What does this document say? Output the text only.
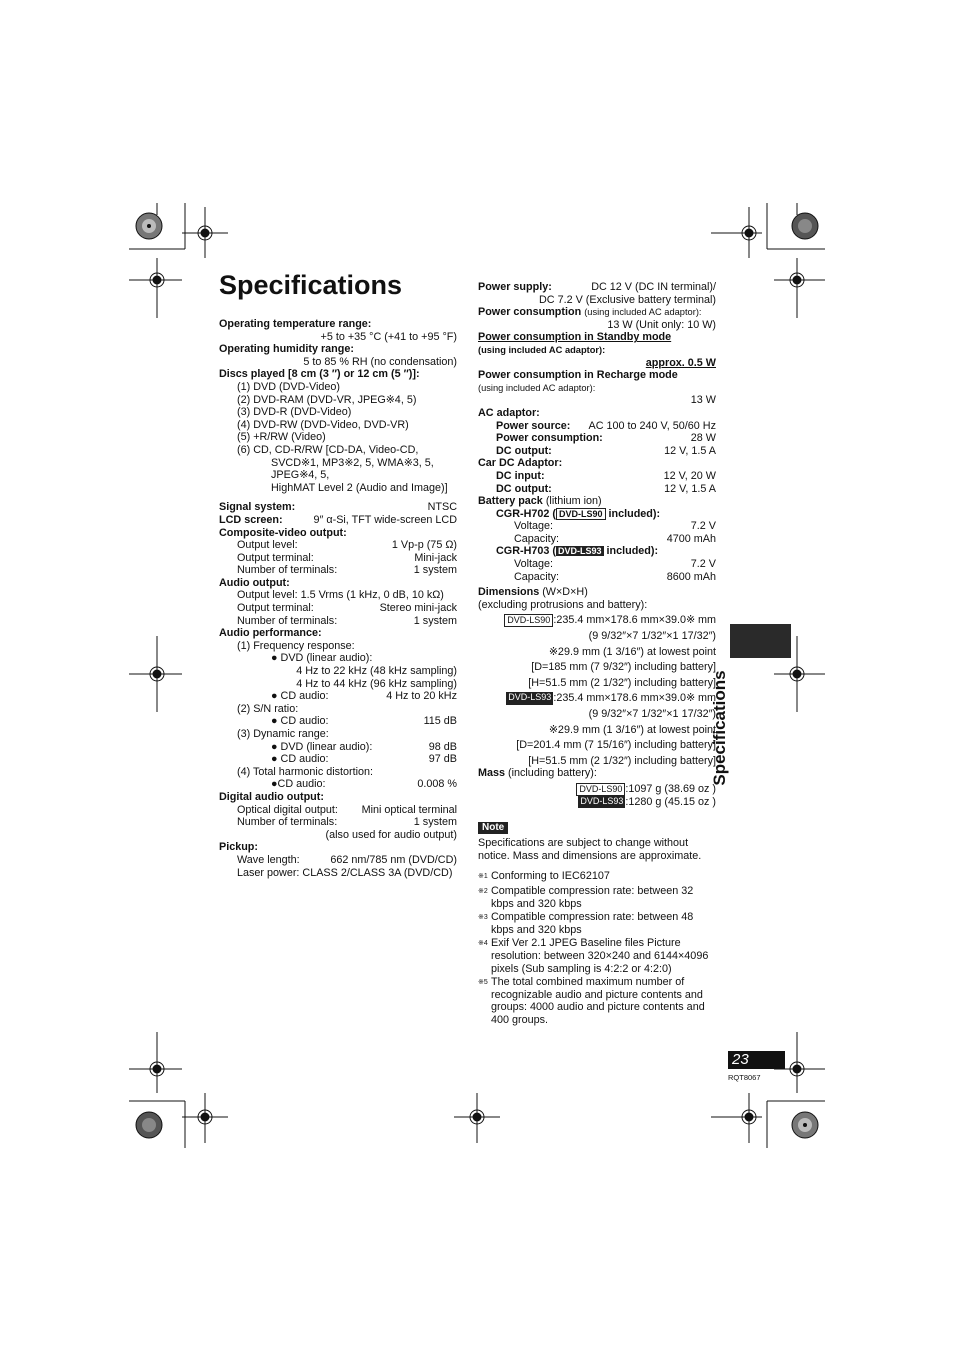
Specifications
Operating temperature range:
+5 to +35 °C (+41 to +95 °F)
Operating humidity range:
5 to 85 % RH (no condensation)
Discs played [8 cm (3 ″) or 12 cm (5 ″)]:
(1) DVD (DVD-Video)
(2) DVD-RAM (DVD-VR, JPEG※4, 5)
(3) DVD-R (DVD-Video)
(4) DVD-RW (DVD-Video, DVD-VR)
(5) +R/RW (Video)
(6) CD, CD-R/RW [CD-DA, Video-CD,
SVCD※1, MP3※2, 5, WMA※3, 5, JPEG※4, 5,
HighMAT Level 2 (Audio and Image)]
Signal system:	NTSC
LCD screen:	9″ α-Si, TFT wide-screen LCD
Composite-video output:
Output level:	1 Vp-p (75 Ω)
Output terminal:	Mini-jack
Number of terminals:	1 system
Audio output:
Output level: 1.5 Vrms (1 kHz, 0 dB, 10 kΩ)
Output terminal:	Stereo mini-jack
Number of terminals:	1 system
Audio performance:
(1) Frequency response:
● DVD (linear audio):
4 Hz to 22 kHz (48 kHz sampling)
4 Hz to 44 kHz (96 kHz sampling)
● CD audio:	4 Hz to 20 kHz
(2) S/N ratio:
● CD audio:	115 dB
(3) Dynamic range:
● DVD (linear audio):	98 dB
● CD audio:	97 dB
(4) Total harmonic distortion:
●CD audio:	0.008 %
Digital audio output:
Optical digital output: Mini optical terminal
Number of terminals:	1 system
(also used for audio output)
Pickup:
Wave length:	662 nm/785 nm (DVD/CD)
Laser power: CLASS 2/CLASS 3A (DVD/CD)
Power supply:	DC 12 V (DC IN terminal)/
DC 7.2 V (Exclusive battery terminal)
Power consumption (using included AC adaptor):
13 W (Unit only: 10 W)
Power consumption in Standby mode
(using included AC adaptor):
approx. 0.5 W
Power consumption in Recharge mode
(using included AC adaptor):
13 W
AC adaptor:
Power source: AC 100 to 240 V, 50/60 Hz
Power consumption:	28 W
DC output:	12 V, 1.5 A
Car DC Adaptor:
DC input:	12 V, 20 W
DC output:	12 V, 1.5 A
Battery pack (lithium ion)
CGR-H702 ( DVD-LS90 included):
Voltage:	7.2 V
Capacity:	4700 mAh
CGR-H703 ( DVD-LS93 included):
Voltage:	7.2 V
Capacity:	8600 mAh
Dimensions (W×D×H)
(excluding protrusions and battery):
DVD-LS90 :235.4 mm×178.6 mm×39.0※ mm
(9 9/32″×7 1/32″×1 17/32″)
※29.9 mm (1 3/16″) at lowest point
[D=185 mm (7 9/32″) including battery]
[H=51.5 mm (2 1/32″) including battery]
DVD-LS93 :235.4 mm×178.6 mm×39.0※ mm
(9 9/32″×7 1/32″×1 17/32″)
※29.9 mm (1 3/16″) at lowest point
[D=201.4 mm (7 15/16″) including battery]
[H=51.5 mm (2 1/32″) including battery]
Mass (including battery):
DVD-LS90 :1097 g (38.69 oz )
DVD-LS93 :1280 g (45.15 oz )
Note
Specifications are subject to change without notice. Mass and dimensions are approximate.
※1 Conforming to IEC62107
※2 Compatible compression rate: between 32 kbps and 320 kbps
※3 Compatible compression rate: between 48 kbps and 320 kbps
※4 Exif Ver 2.1 JPEG Baseline files Picture resolution: between 320×240 and 6144×4096 pixels (Sub sampling is 4:2:2 or 4:2:0)
※5 The total combined maximum number of recognizable audio and picture contents and groups: 4000 audio and picture contents and 400 groups.
Specifications
23
RQT8067
